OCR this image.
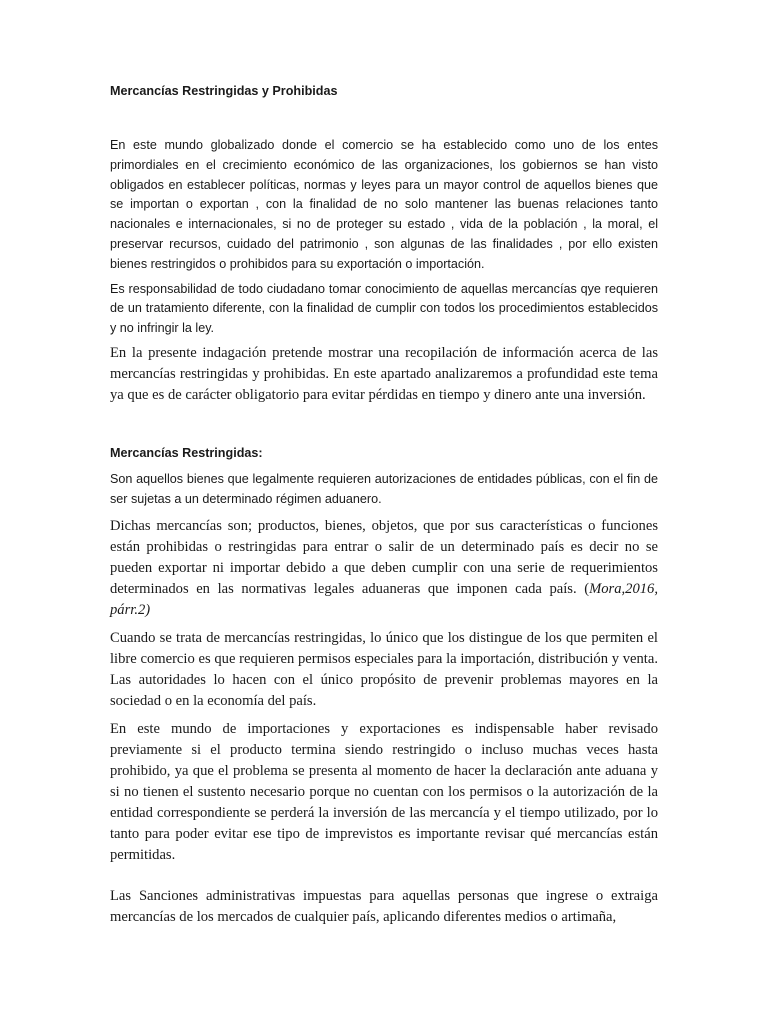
Mercancías Restringidas y Prohibidas

En este mundo globalizado donde el comercio se ha establecido como uno de los entes primordiales en el crecimiento económico de las organizaciones, los gobiernos se han visto obligados en establecer políticas, normas y leyes para un mayor control de aquellos bienes que se importan o exportan , con la finalidad de no solo mantener las buenas relaciones tanto nacionales e internacionales, si no de proteger su estado , vida de la población , la moral, el preservar recursos, cuidado del patrimonio , son algunas de las finalidades , por ello existen bienes restringidos o prohibidos para su exportación o importación.

Es responsabilidad de todo ciudadano tomar conocimiento de aquellas mercancías qye requieren de un tratamiento diferente, con la finalidad de cumplir con todos los procedimientos establecidos y no infringir la ley.

En la presente indagación pretende mostrar una recopilación de información acerca de las mercancías restringidas y prohibidas. En este apartado analizaremos a profundidad este tema ya que es de carácter obligatorio para evitar pérdidas en tiempo y dinero ante una inversión.

Mercancías Restringidas:

Son aquellos bienes que legalmente requieren autorizaciones de entidades públicas, con el fin de ser sujetas a un determinado régimen aduanero.

Dichas mercancías son; productos, bienes, objetos, que por sus características o funciones están prohibidas o restringidas para entrar o salir de un determinado país es decir no se pueden exportar ni importar debido a que deben cumplir con una serie de requerimientos determinados en las normativas legales aduaneras que imponen cada país. (Mora,2016, párr.2)

Cuando se trata de mercancías restringidas, lo único que los distingue de los que permiten el libre comercio es que requieren permisos especiales para la importación, distribución y venta. Las autoridades lo hacen con el único propósito de prevenir problemas mayores en la sociedad o en la economía del país.

En este mundo de importaciones y exportaciones es indispensable haber revisado previamente si el producto termina siendo restringido o incluso muchas veces hasta prohibido, ya que el problema se presenta al momento de hacer la declaración ante aduana y si no tienen el sustento necesario porque no cuentan con los permisos o la autorización de la entidad correspondiente se perderá la inversión de las mercancía y el tiempo utilizado, por lo tanto para poder evitar ese tipo de imprevistos es importante revisar qué mercancías están permitidas.

Las Sanciones administrativas impuestas para aquellas personas que ingrese o extraiga mercancías de los mercados de cualquier país, aplicando diferentes medios o artimaña,
